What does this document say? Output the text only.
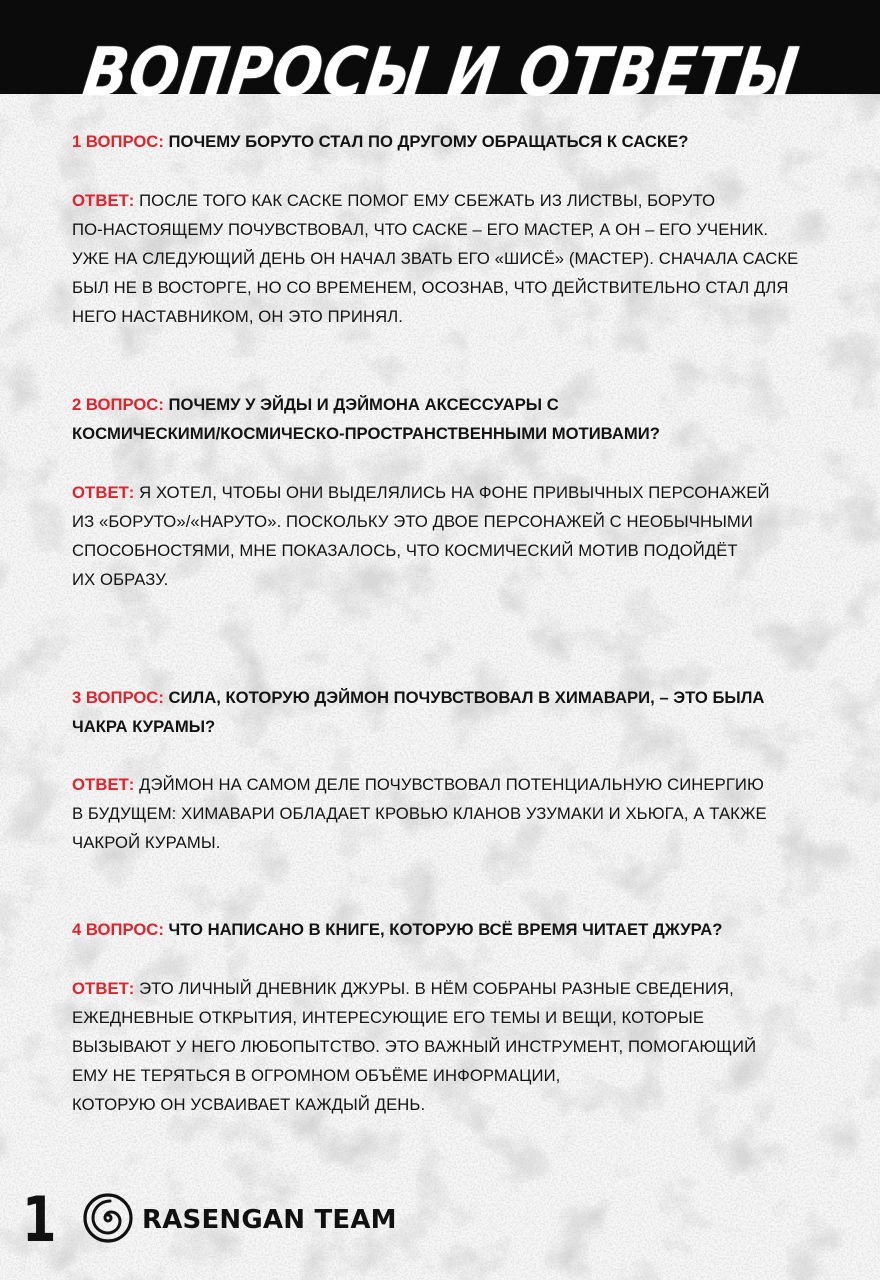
ВОПРОСЫ И ОТВЕТЫ

1 ВОПРОС: ПОЧЕМУ БОРУТО СТАЛ ПО ДРУГОМУ ОБРАЩАТЬСЯ К САСКЕ?

ОТВЕТ: ПОСЛЕ ТОГО КАК САСКЕ ПОМОГ ЕМУ СБЕЖАТЬ ИЗ ЛИСТВЫ, БОРУТО
ПО-НАСТОЯЩЕМУ ПОЧУВСТВОВАЛ, ЧТО САСКЕ – ЕГО МАСТЕР, А ОН – ЕГО УЧЕНИК.
УЖЕ НА СЛЕДУЮЩИЙ ДЕНЬ ОН НАЧАЛ ЗВАТЬ ЕГО «ШИСЁ» (МАСТЕР). СНАЧАЛА САСКЕ
БЫЛ НЕ В ВОСТОРГЕ, НО СО ВРЕМЕНЕМ, ОСОЗНАВ, ЧТО ДЕЙСТВИТЕЛЬНО СТАЛ ДЛЯ
НЕГО НАСТАВНИКОМ, ОН ЭТО ПРИНЯЛ.

2 ВОПРОС: ПОЧЕМУ У ЭЙДЫ И ДЭЙМОНА АКСЕССУАРЫ С
КОСМИЧЕСКИМИ/КОСМИЧЕСКО-ПРОСТРАНСТВЕННЫМИ МОТИВАМИ?

ОТВЕТ: Я ХОТЕЛ, ЧТОБЫ ОНИ ВЫДЕЛЯЛИСЬ НА ФОНЕ ПРИВЫЧНЫХ ПЕРСОНАЖЕЙ
ИЗ «БОРУТО»/«НАРУТО». ПОСКОЛЬКУ ЭТО ДВОЕ ПЕРСОНАЖЕЙ С НЕОБЫЧНЫМИ
СПОСОБНОСТЯМИ, МНЕ ПОКАЗАЛОСЬ, ЧТО КОСМИЧЕСКИЙ МОТИВ ПОДОЙДЁТ
ИХ ОБРАЗУ.

3 ВОПРОС: СИЛА, КОТОРУЮ ДЭЙМОН ПОЧУВСТВОВАЛ В ХИМАВАРИ, – ЭТО БЫЛА
ЧАКРА КУРАМЫ?

ОТВЕТ: ДЭЙМОН НА САМОМ ДЕЛЕ ПОЧУВСТВОВАЛ ПОТЕНЦИАЛЬНУЮ СИНЕРГИЮ
В БУДУЩЕМ: ХИМАВАРИ ОБЛАДАЕТ КРОВЬЮ КЛАНОВ УЗУМАКИ И ХЬЮГА, А ТАКЖЕ
ЧАКРОЙ КУРАМЫ.

4 ВОПРОС: ЧТО НАПИСАНО В КНИГЕ, КОТОРУЮ ВСЁ ВРЕМЯ ЧИТАЕТ ДЖУРА?

ОТВЕТ: ЭТО ЛИЧНЫЙ ДНЕВНИК ДЖУРЫ. В НЁМ СОБРАНЫ РАЗНЫЕ СВЕДЕНИЯ,
ЕЖЕДНЕВНЫЕ ОТКРЫТИЯ, ИНТЕРЕСУЮЩИЕ ЕГО ТЕМЫ И ВЕЩИ, КОТОРЫЕ
ВЫЗЫВАЮТ У НЕГО ЛЮБОПЫТСТВО. ЭТО ВАЖНЫЙ ИНСТРУМЕНТ, ПОМОГАЮЩИЙ
ЕМУ НЕ ТЕРЯТЬСЯ В ОГРОМНОМ ОБЪЁМЕ ИНФОРМАЦИИ,
КОТОРУЮ ОН УСВАИВАЕТ КАЖДЫЙ ДЕНЬ.

1	RASENGAN TEAM
